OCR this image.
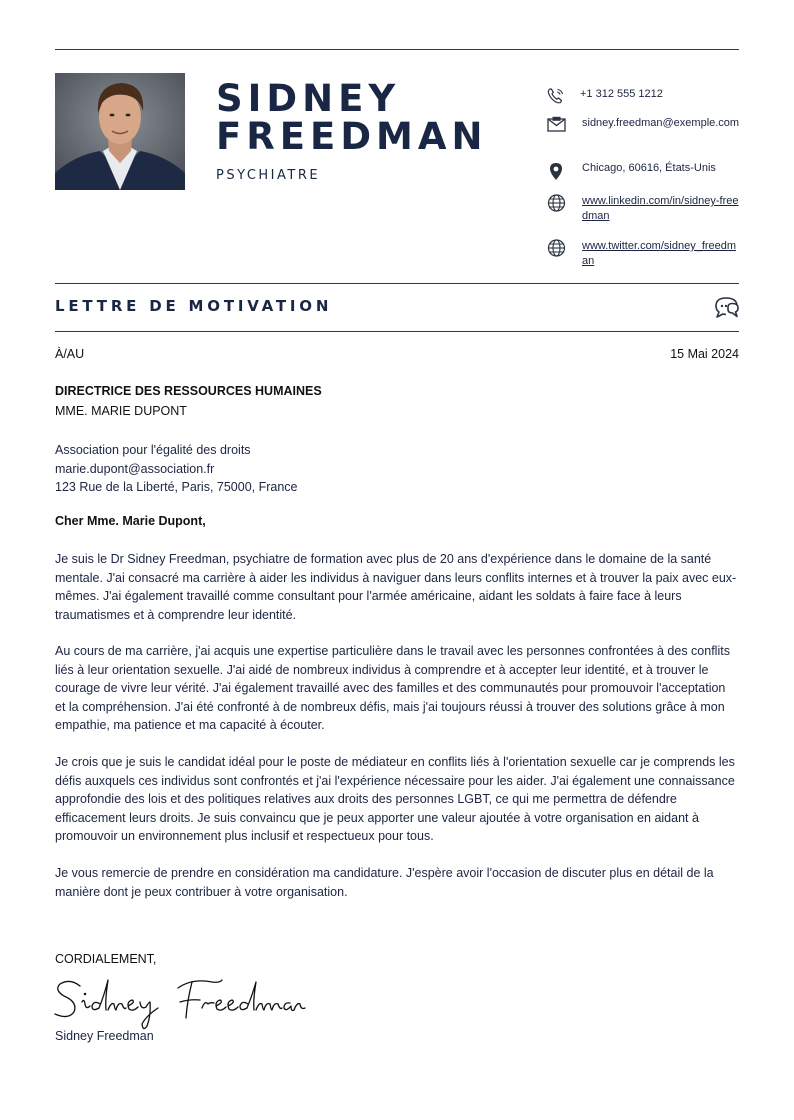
SIDNEY
FREEDMAN
PSYCHIATRE
+1 312 555 1212
sidney.freedman@exemple.com
Chicago, 60616, États-Unis
www.linkedin.com/in/sidney-freedman
www.twitter.com/sidney_freedman
LETTRE DE MOTIVATION
À/AU	15 Mai 2024
DIRECTRICE DES RESSOURCES HUMAINES
MME. MARIE DUPONT
Association pour l'égalité des droits
marie.dupont@association.fr
123 Rue de la Liberté, Paris, 75000, France
Cher Mme. Marie Dupont,
Je suis le Dr Sidney Freedman, psychiatre de formation avec plus de 20 ans d'expérience dans le domaine de la santé mentale. J'ai consacré ma carrière à aider les individus à naviguer dans leurs conflits internes et à trouver la paix avec eux-mêmes. J'ai également travaillé comme consultant pour l'armée américaine, aidant les soldats à faire face à leurs traumatismes et à comprendre leur identité.
Au cours de ma carrière, j'ai acquis une expertise particulière dans le travail avec les personnes confrontées à des conflits liés à leur orientation sexuelle. J'ai aidé de nombreux individus à comprendre et à accepter leur identité, et à trouver le courage de vivre leur vérité. J'ai également travaillé avec des familles et des communautés pour promouvoir l'acceptation et la compréhension. J'ai été confronté à de nombreux défis, mais j'ai toujours réussi à trouver des solutions grâce à mon empathie, ma patience et ma capacité à écouter.
Je crois que je suis le candidat idéal pour le poste de médiateur en conflits liés à l'orientation sexuelle car je comprends les défis auxquels ces individus sont confrontés et j'ai l'expérience nécessaire pour les aider. J'ai également une connaissance approfondie des lois et des politiques relatives aux droits des personnes LGBT, ce qui me permettra de défendre efficacement leurs droits. Je suis convaincu que je peux apporter une valeur ajoutée à votre organisation en aidant à promouvoir un environnement plus inclusif et respectueux pour tous.
Je vous remercie de prendre en considération ma candidature. J'espère avoir l'occasion de discuter plus en détail de la manière dont je peux contribuer à votre organisation.
CORDIALEMENT,
Sidney Freedman
